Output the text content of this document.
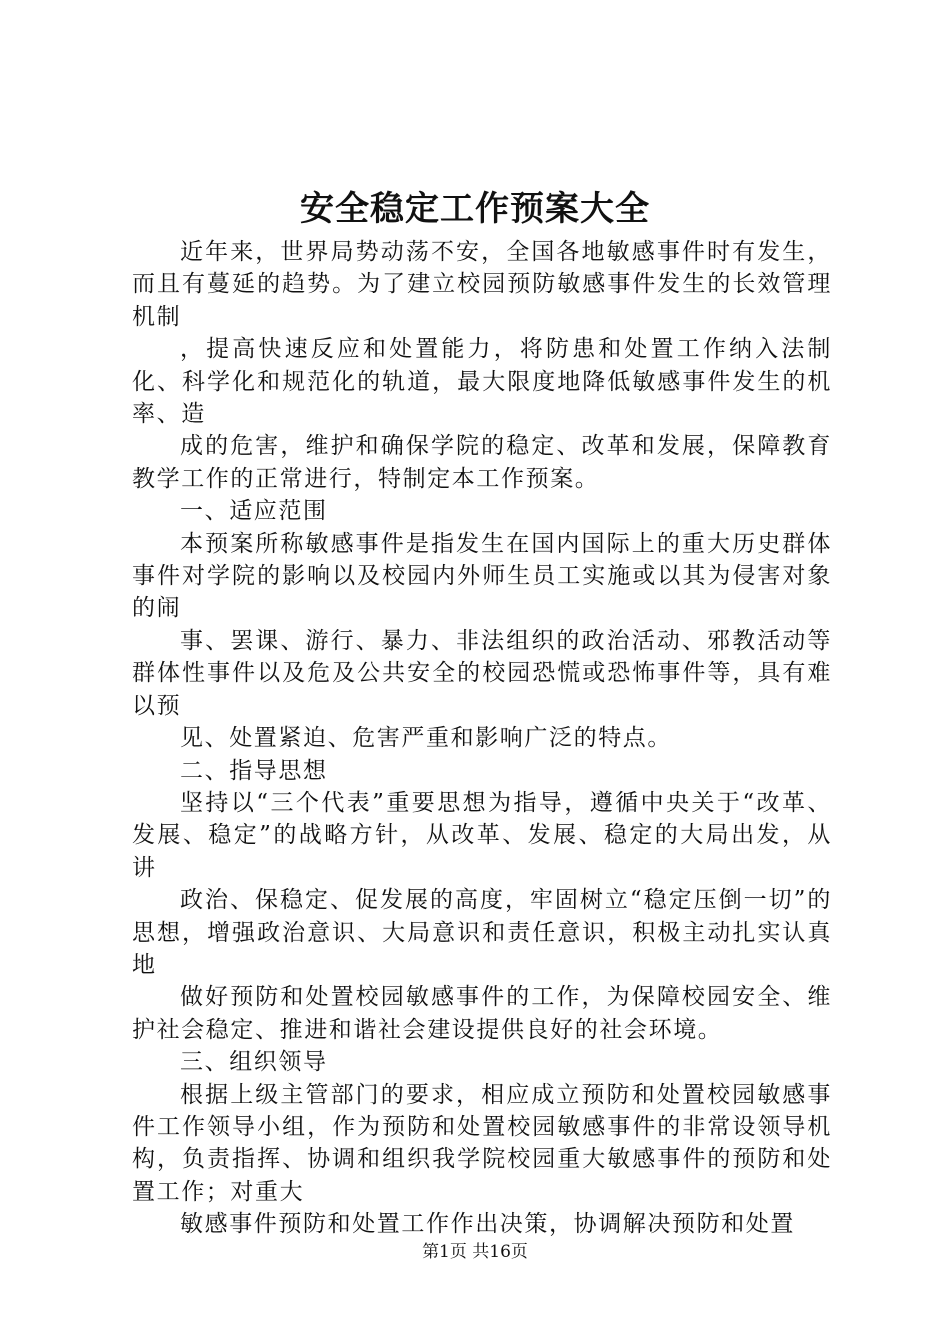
安全稳定工作预案大全

近年来，世界局势动荡不安，全国各地敏感事件时有发生，而且有蔓延的趋势。为了建立校园预防敏感事件发生的长效管理机制

，提高快速反应和处置能力，将防患和处置工作纳入法制化、科学化和规范化的轨道，最大限度地降低敏感事件发生的机率、造

成的危害，维护和确保学院的稳定、改革和发展，保障教育教学工作的正常进行，特制定本工作预案。

一、适应范围

本预案所称敏感事件是指发生在国内国际上的重大历史群体事件对学院的影响以及校园内外师生员工实施或以其为侵害对象的闹

事、罢课、游行、暴力、非法组织的政治活动、邪教活动等群体性事件以及危及公共安全的校园恐慌或恐怖事件等，具有难以预

见、处置紧迫、危害严重和影响广泛的特点。

二、指导思想

坚持以“三个代表”重要思想为指导，遵循中央关于“改革、发展、稳定”的战略方针，从改革、发展、稳定的大局出发，从讲

政治、保稳定、促发展的高度，牢固树立“稳定压倒一切”的思想，增强政治意识、大局意识和责任意识，积极主动扎实认真地

做好预防和处置校园敏感事件的工作，为保障校园安全、维护社会稳定、推进和谐社会建设提供良好的社会环境。

三、组织领导

根据上级主管部门的要求，相应成立预防和处置校园敏感事件工作领导小组，作为预防和处置校园敏感事件的非常设领导机构，负责指挥、协调和组织我学院校园重大敏感事件的预防和处置工作；对重大

敏感事件预防和处置工作作出决策，协调解决预防和处置

第1页 共16页
